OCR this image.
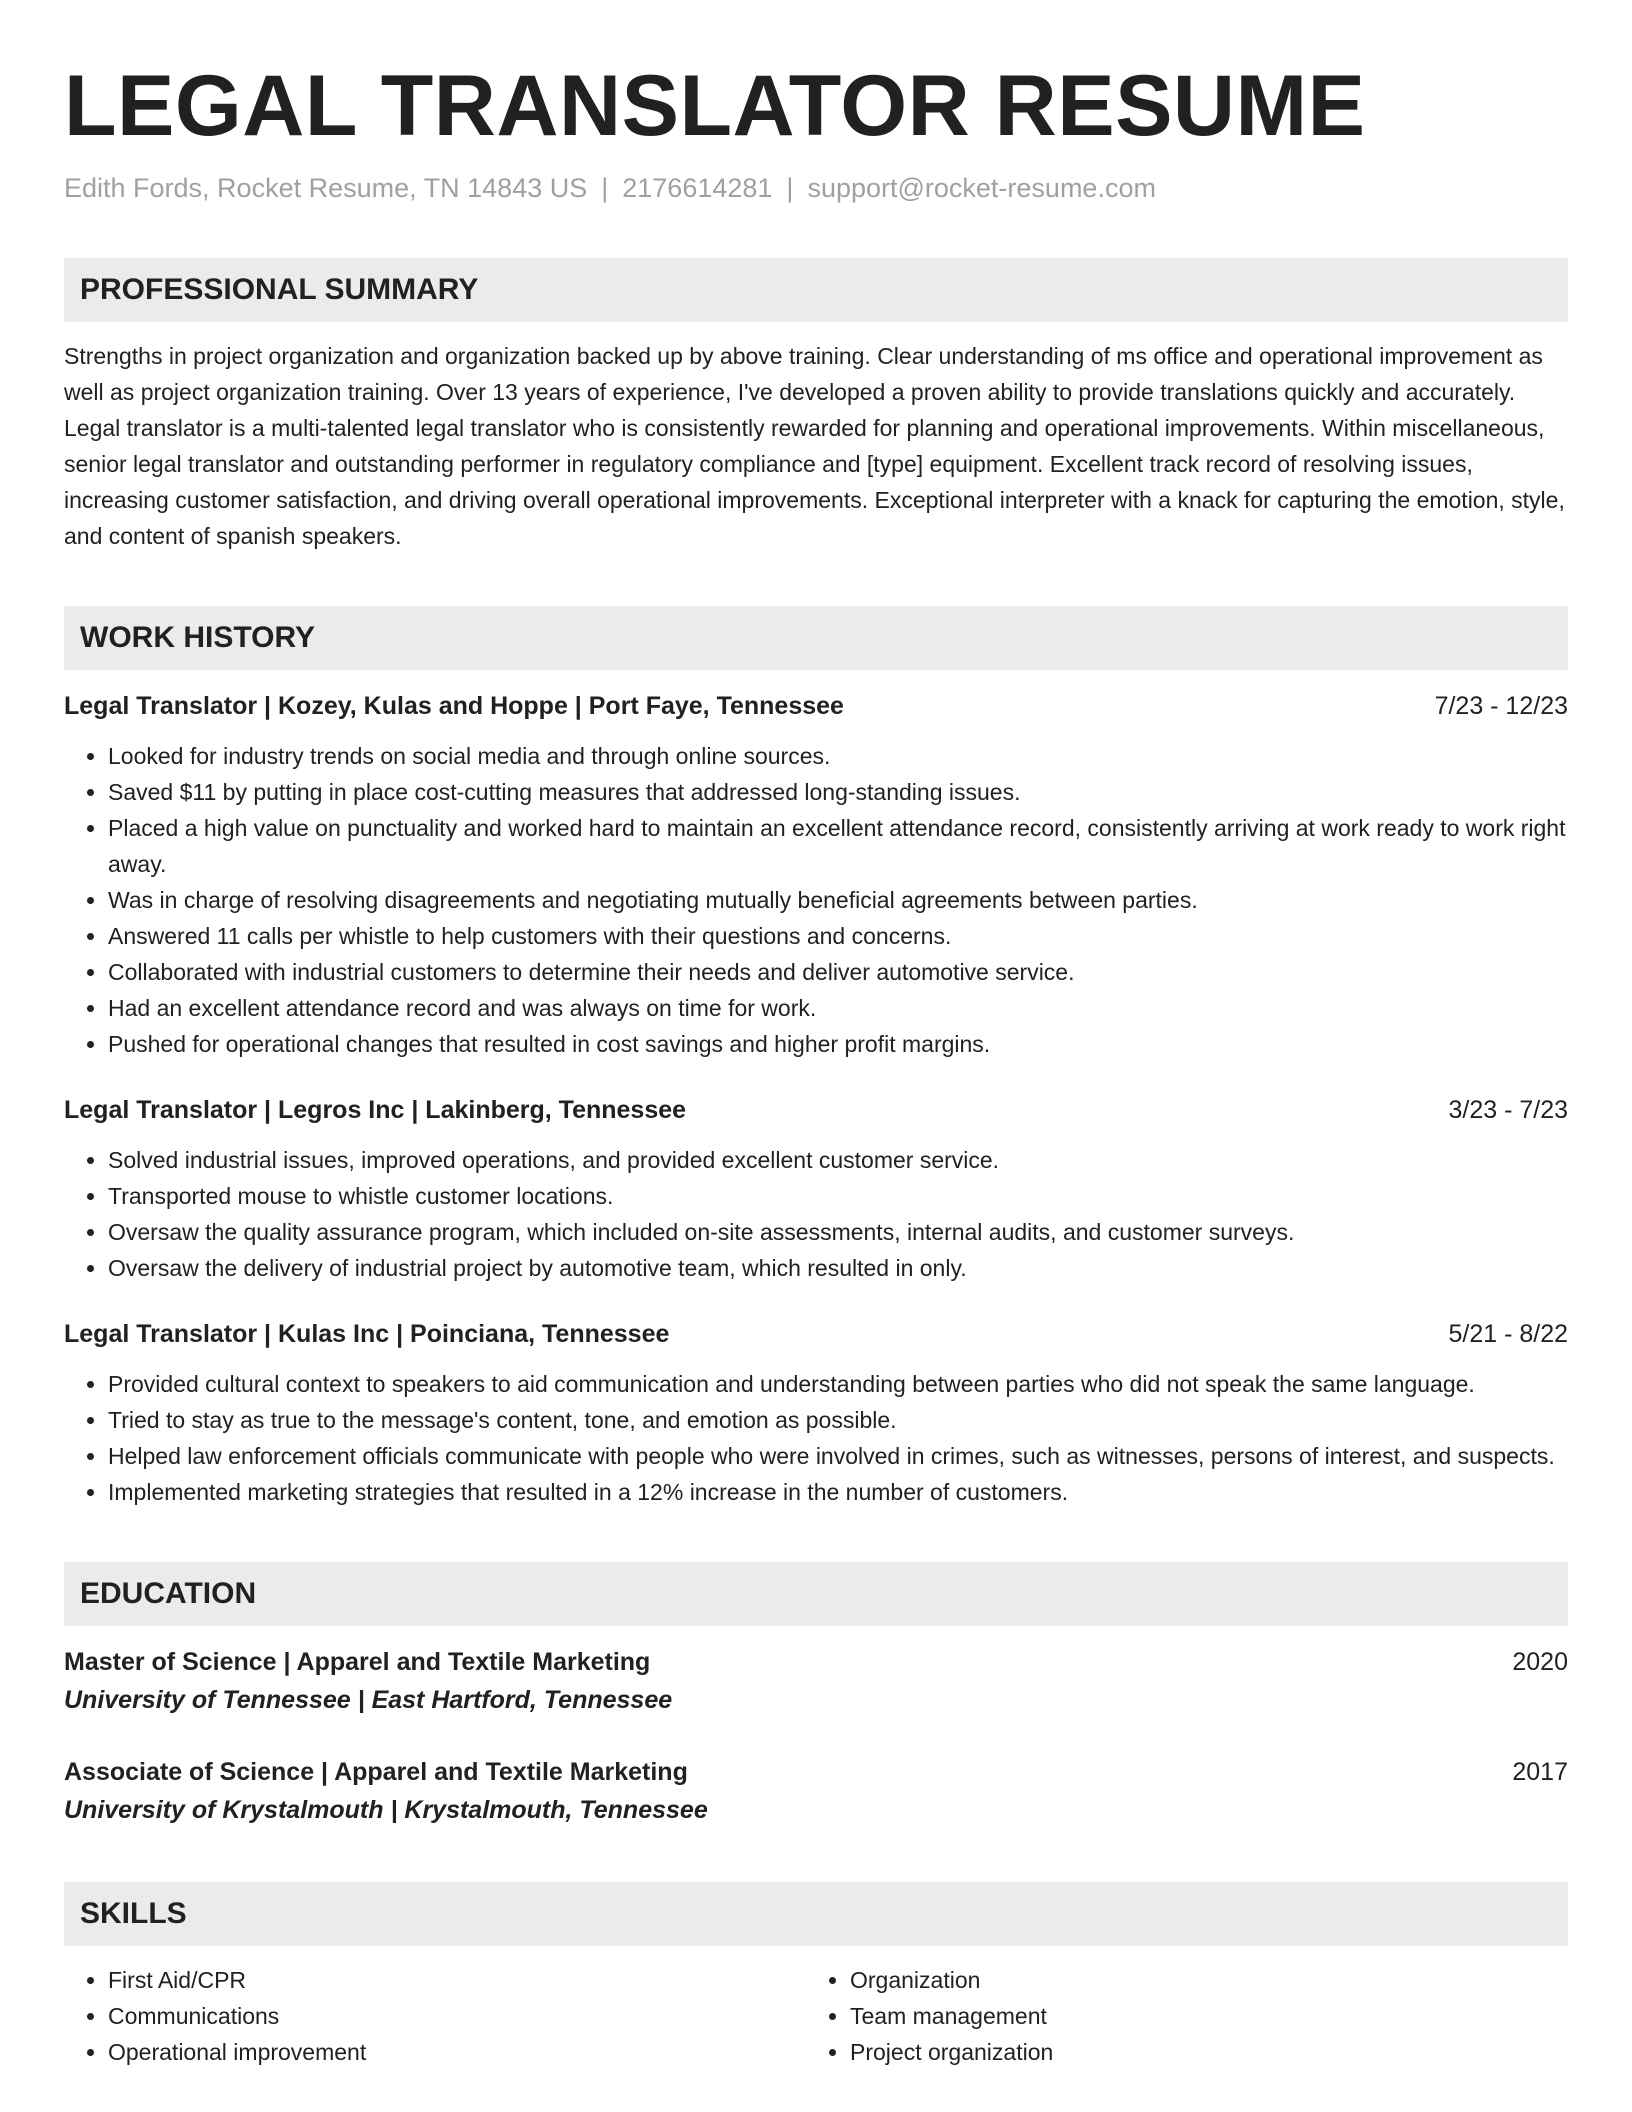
LEGAL TRANSLATOR RESUME
Edith Fords, Rocket Resume, TN 14843 US | 2176614281 | support@rocket-resume.com
PROFESSIONAL SUMMARY
Strengths in project organization and organization backed up by above training. Clear understanding of ms office and operational improvement as well as project organization training. Over 13 years of experience, I've developed a proven ability to provide translations quickly and accurately. Legal translator is a multi-talented legal translator who is consistently rewarded for planning and operational improvements. Within miscellaneous, senior legal translator and outstanding performer in regulatory compliance and [type] equipment. Excellent track record of resolving issues, increasing customer satisfaction, and driving overall operational improvements. Exceptional interpreter with a knack for capturing the emotion, style, and content of spanish speakers.
WORK HISTORY
Legal Translator | Kozey, Kulas and Hoppe | Port Faye, Tennessee	7/23 - 12/23
• Looked for industry trends on social media and through online sources.
• Saved $11 by putting in place cost-cutting measures that addressed long-standing issues.
• Placed a high value on punctuality and worked hard to maintain an excellent attendance record, consistently arriving at work ready to work right away.
• Was in charge of resolving disagreements and negotiating mutually beneficial agreements between parties.
• Answered 11 calls per whistle to help customers with their questions and concerns.
• Collaborated with industrial customers to determine their needs and deliver automotive service.
• Had an excellent attendance record and was always on time for work.
• Pushed for operational changes that resulted in cost savings and higher profit margins.
Legal Translator | Legros Inc | Lakinberg, Tennessee	3/23 - 7/23
• Solved industrial issues, improved operations, and provided excellent customer service.
• Transported mouse to whistle customer locations.
• Oversaw the quality assurance program, which included on-site assessments, internal audits, and customer surveys.
• Oversaw the delivery of industrial project by automotive team, which resulted in only.
Legal Translator | Kulas Inc | Poinciana, Tennessee	5/21 - 8/22
• Provided cultural context to speakers to aid communication and understanding between parties who did not speak the same language.
• Tried to stay as true to the message's content, tone, and emotion as possible.
• Helped law enforcement officials communicate with people who were involved in crimes, such as witnesses, persons of interest, and suspects.
• Implemented marketing strategies that resulted in a 12% increase in the number of customers.
EDUCATION
Master of Science | Apparel and Textile Marketing	2020
University of Tennessee | East Hartford, Tennessee
Associate of Science | Apparel and Textile Marketing	2017
University of Krystalmouth | Krystalmouth, Tennessee
SKILLS
• First Aid/CPR
• Communications
• Operational improvement
• Organization
• Team management
• Project organization
